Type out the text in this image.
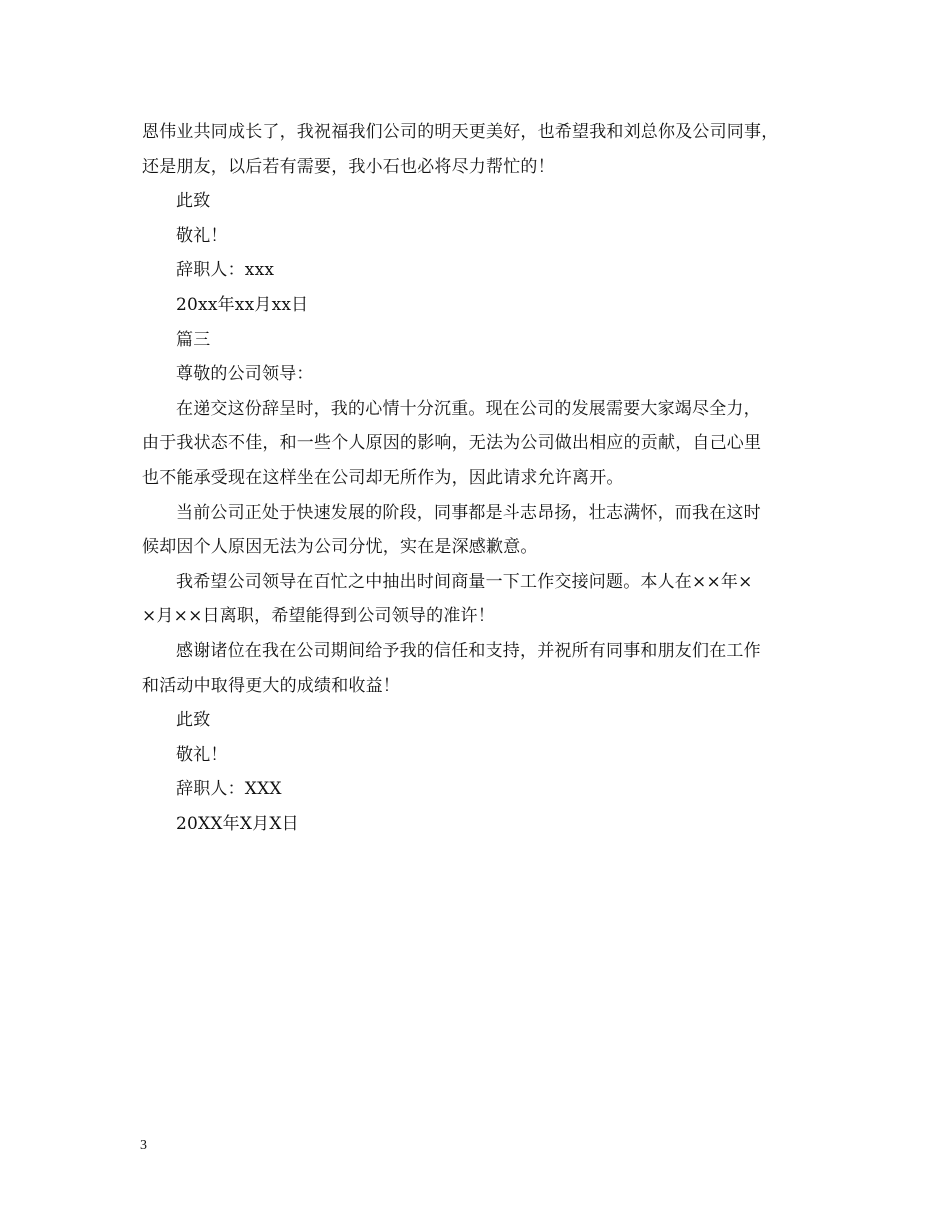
恩伟业共同成长了，我祝福我们公司的明天更美好，也希望我和刘总你及公司同事，
还是朋友，以后若有需要，我小石也必将尽力帮忙的！
此致
敬礼！
辞职人：xxx
20xx年xx月xx日
篇三
尊敬的公司领导：
在递交这份辞呈时，我的心情十分沉重。现在公司的发展需要大家竭尽全力，
由于我状态不佳，和一些个人原因的影响，无法为公司做出相应的贡献，自己心里
也不能承受现在这样坐在公司却无所作为，因此请求允许离开。
当前公司正处于快速发展的阶段，同事都是斗志昂扬，壮志满怀，而我在这时
候却因个人原因无法为公司分忧，实在是深感歉意。
我希望公司领导在百忙之中抽出时间商量一下工作交接问题。本人在××年×
×月××日离职，希望能得到公司领导的准许！
感谢诸位在我在公司期间给予我的信任和支持，并祝所有同事和朋友们在工作
和活动中取得更大的成绩和收益！
此致
敬礼！
辞职人：XXX
20XX年X月X日
3
